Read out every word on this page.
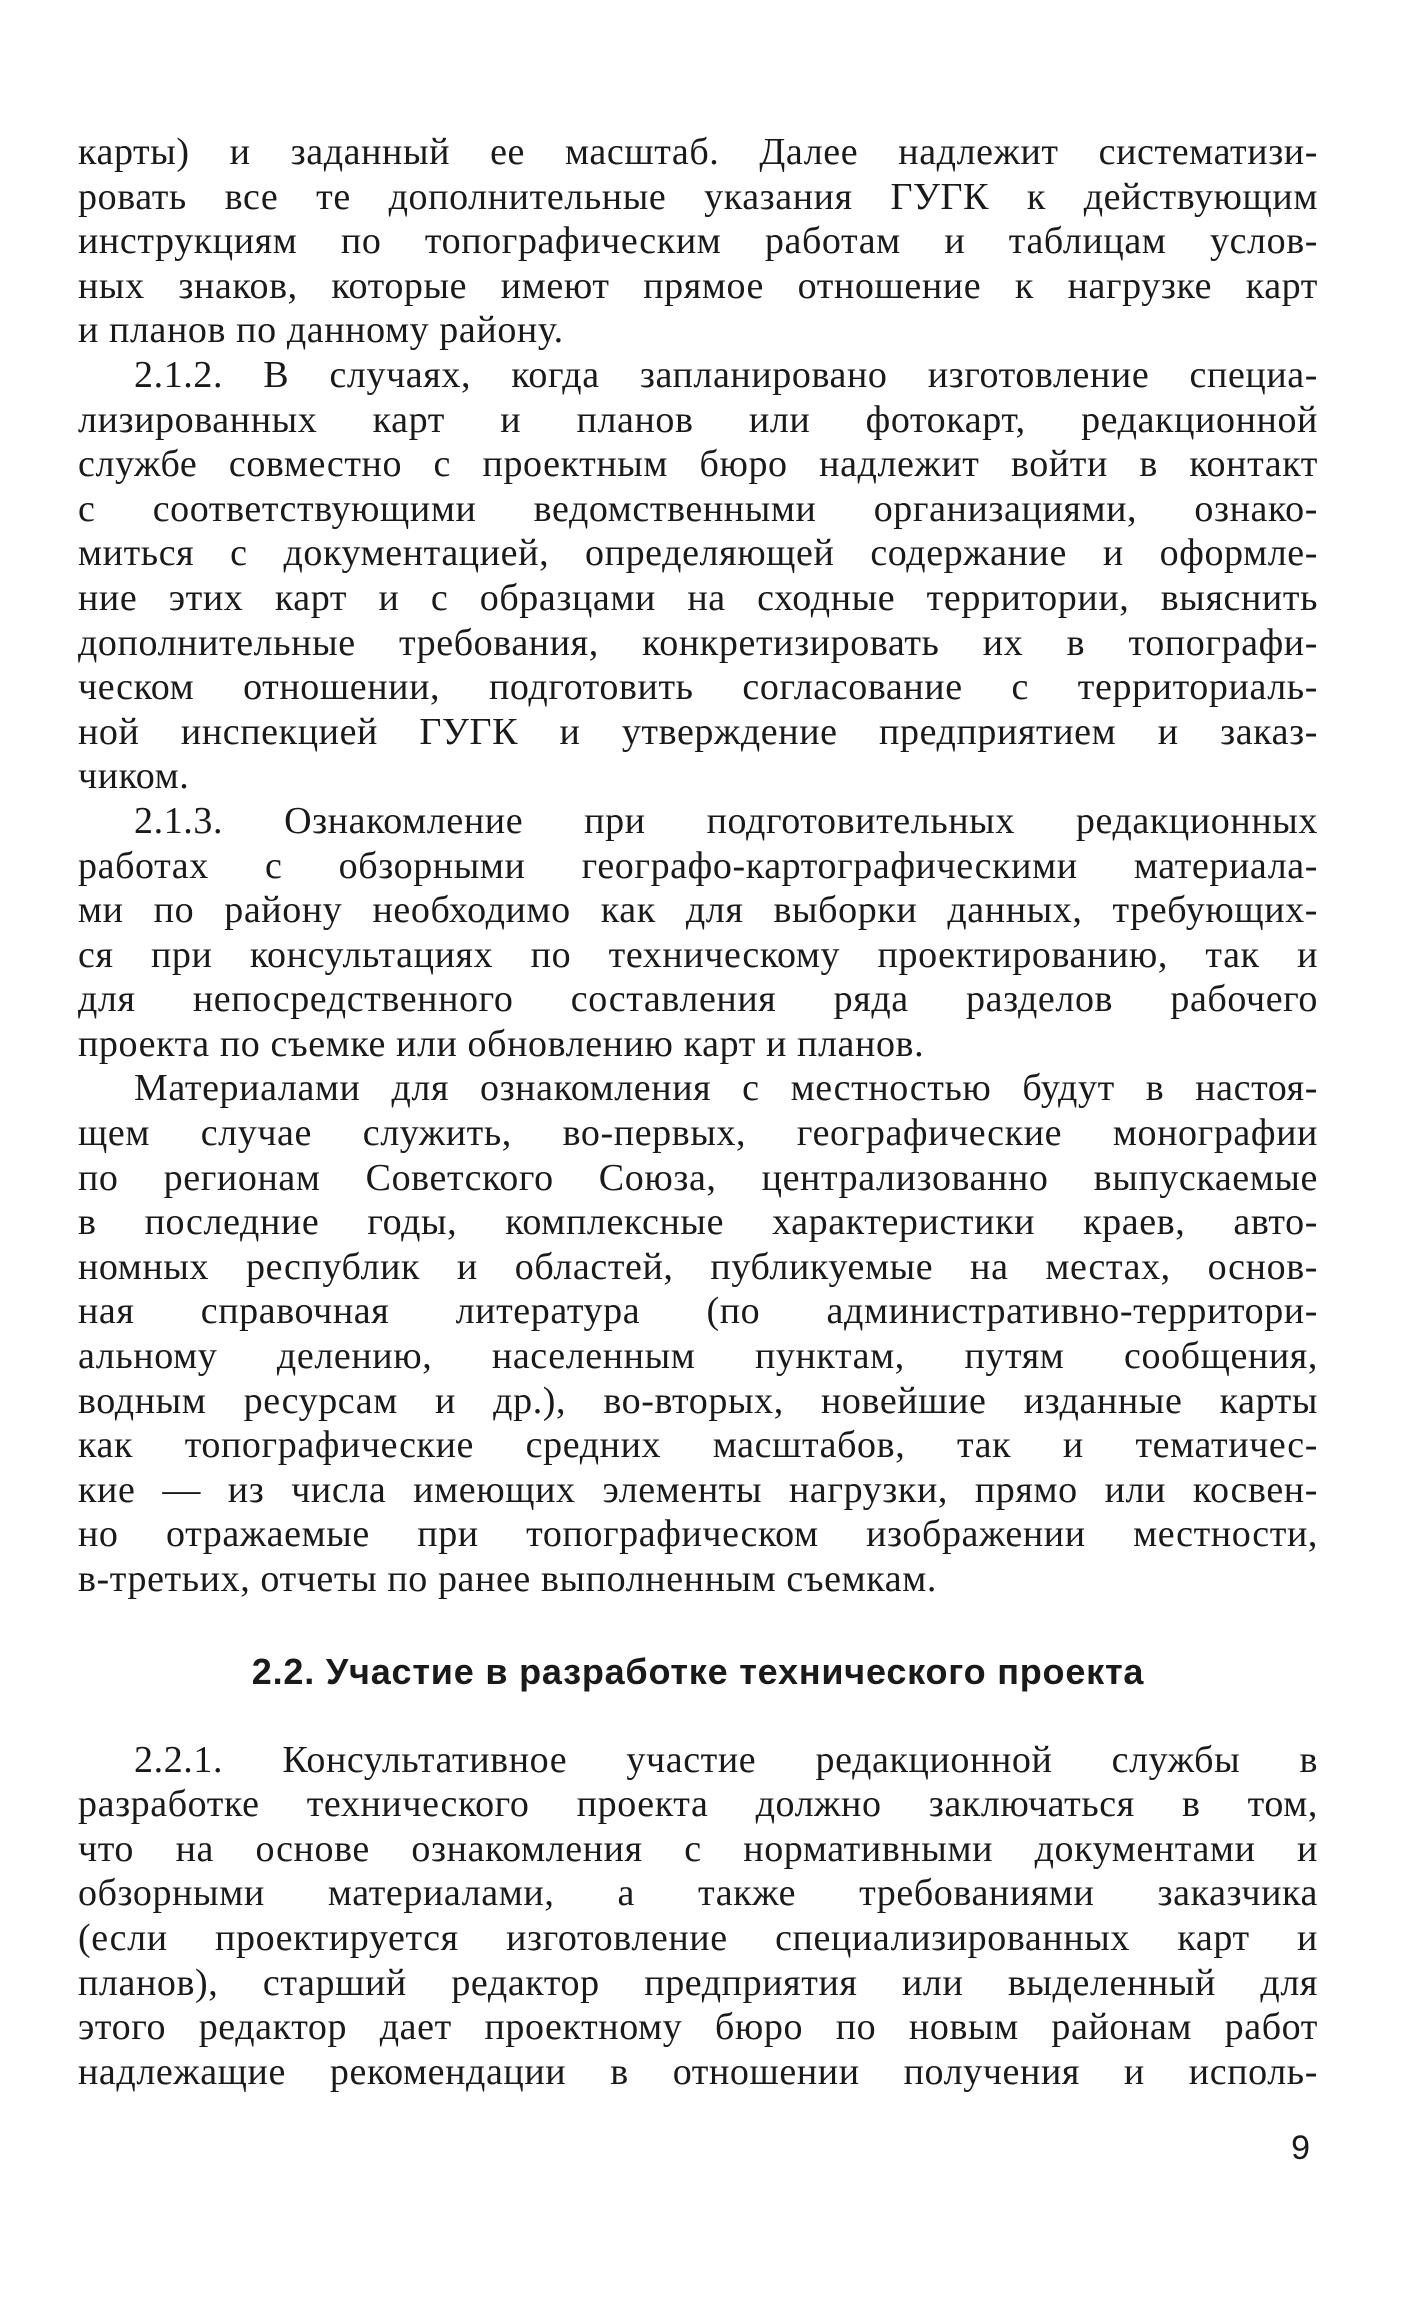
карты) и заданный ее масштаб. Далее надлежит систематизи-
ровать все те дополнительные указания ГУГК к действующим
инструкциям по топографическим работам и таблицам услов-
ных знаков, которые имеют прямое отношение к нагрузке карт
и планов по данному району.
2.1.2. В случаях, когда запланировано изготовление специа-
лизированных карт и планов или фотокарт, редакционной
службе совместно с проектным бюро надлежит войти в контакт
с соответствующими ведомственными организациями, ознако-
миться с документацией, определяющей содержание и оформле-
ние этих карт и с образцами на сходные территории, выяснить
дополнительные требования, конкретизировать их в топографи-
ческом отношении, подготовить согласование с территориаль-
ной инспекцией ГУГК и утверждение предприятием и заказ-
чиком.
2.1.3. Ознакомление при подготовительных редакционных
работах с обзорными географо-картографическими материала-
ми по району необходимо как для выборки данных, требующих-
ся при консультациях по техническому проектированию, так и
для непосредственного составления ряда разделов рабочего
проекта по съемке или обновлению карт и планов.
Материалами для ознакомления с местностью будут в настоя-
щем случае служить, во-первых, географические монографии
по регионам Советского Союза, централизованно выпускаемые
в последние годы, комплексные характеристики краев, авто-
номных республик и областей, публикуемые на местах, основ-
ная справочная литература (по административно-территори-
альному делению, населенным пунктам, путям сообщения,
водным ресурсам и др.), во-вторых, новейшие изданные карты
как топографические средних масштабов, так и тематичес-
кие — из числа имеющих элементы нагрузки, прямо или косвен-
но отражаемые при топографическом изображении местности,
в-третьих, отчеты по ранее выполненным съемкам.
2.2. Участие в разработке технического проекта
2.2.1. Консультативное участие редакционной службы в
разработке технического проекта должно заключаться в том,
что на основе ознакомления с нормативными документами и
обзорными материалами, а также требованиями заказчика
(если проектируется изготовление специализированных карт и
планов), старший редактор предприятия или выделенный для
этого редактор дает проектному бюро по новым районам работ
надлежащие рекомендации в отношении получения и исполь-
9
